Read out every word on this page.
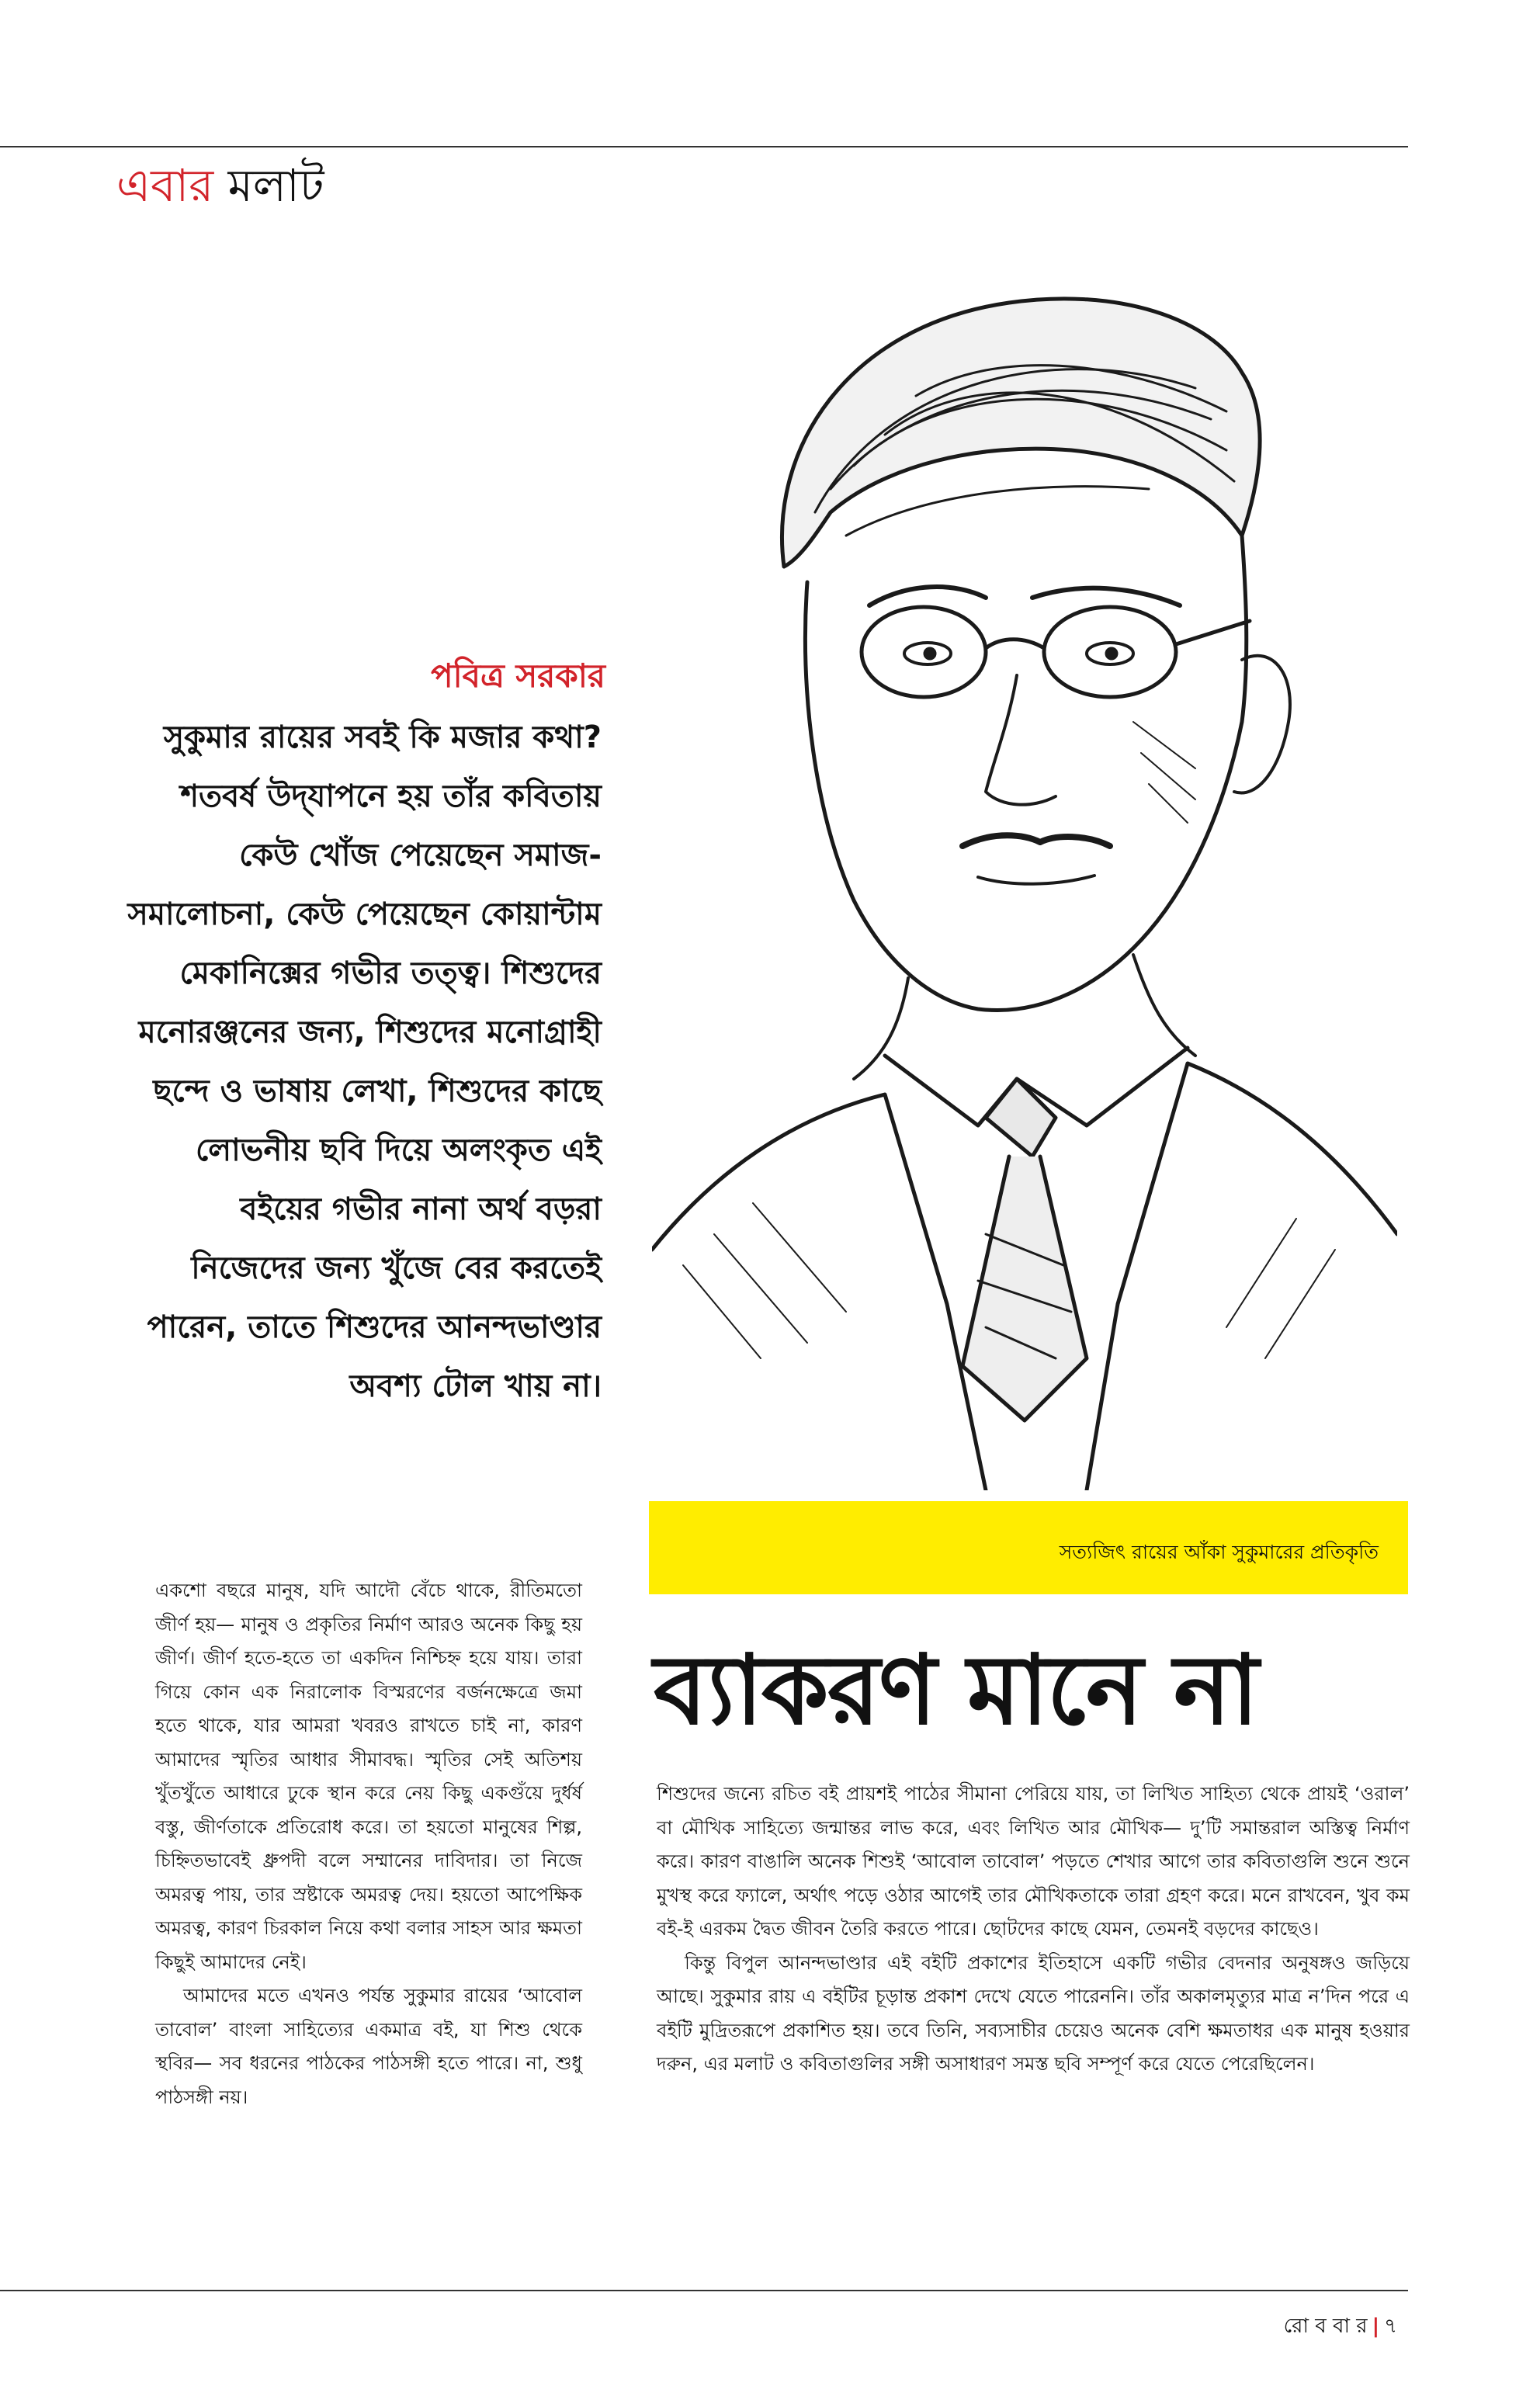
এবার মলাট
পবিত্র সরকার
সুকুমার রায়ের সবই কি মজার কথা? শতবর্ষ উদ্‌যাপনে হয় তাঁর কবিতায় কেউ খোঁজ পেয়েছেন সমাজ-সমালোচনা, কেউ পেয়েছেন কোয়ান্টাম মেকানিক্সের গভীর তত্ত্ব। শিশুদের মনোরঞ্জনের জন্য, শিশুদের মনোগ্রাহী ছন্দে ও ভাষায় লেখা, শিশুদের কাছে লোভনীয় ছবি দিয়ে অলংকৃত এই বইয়ের গভীর নানা অর্থ বড়রা নিজেদের জন্য খুঁজে বের করতেই পারেন, তাতে শিশুদের আনন্দভাণ্ডার অবশ্য টোল খায় না।
সত্যজিৎ রায়ের আঁকা সুকুমারের প্রতিকৃতি
ব্যাকরণ মানে না

একশো বছরে মানুষ, যদি আদৌ বেঁচে থাকে, রীতিমতো জীর্ণ হয়— মানুষ ও প্রকৃতির নির্মাণ আরও অনেক কিছু হয় জীর্ণ। জীর্ণ হতে-হতে তা একদিন নিশ্চিহ্ন হয়ে যায়। তারা গিয়ে কোন এক নিরালোক বিস্মরণের বর্জনক্ষেত্রে জমা হতে থাকে, যার আমরা খবরও রাখতে চাই না, কারণ আমাদের স্মৃতির আধার সীমাবদ্ধ। স্মৃতির সেই অতিশয় খুঁতখুঁতে আধারে ঢুকে স্থান করে নেয় কিছু একগুঁয়ে দুর্ধর্ষ বস্তু, জীর্ণতাকে প্রতিরোধ করে। তা হয়তো মানুষের শিল্প, চিহ্নিতভাবেই ধ্রুপদী বলে সম্মানের দাবিদার। তা নিজে অমরত্ব পায়, তার স্রষ্টাকে অমরত্ব দেয়। হয়তো আপেক্ষিক অমরত্ব, কারণ চিরকাল নিয়ে কথা বলার সাহস আর ক্ষমতা কিছুই আমাদের নেই।

আমাদের মতে এখনও পর্যন্ত সুকুমার রায়ের ‘আবোল তাবোল’ বাংলা সাহিত্যের একমাত্র বই, যা শিশু থেকে স্থবির— সব ধরনের পাঠকের পাঠসঙ্গী হতে পারে। না, শুধু পাঠসঙ্গী নয়।

শিশুদের জন্যে রচিত বই প্রায়শই পাঠের সীমানা পেরিয়ে যায়, তা লিখিত সাহিত্য থেকে প্রায়ই ‘ওরাল’ বা মৌখিক সাহিত্যে জন্মান্তর লাভ করে, এবং লিখিত আর মৌখিক— দু’টি সমান্তরাল অস্তিত্ব নির্মাণ করে। কারণ বাঙালি অনেক শিশুই ‘আবোল তাবোল’ পড়তে শেখার আগে তার কবিতাগুলি শুনে শুনে মুখস্থ করে ফ্যালে, অর্থাৎ পড়ে ওঠার আগেই তার মৌখিকতাকে তারা গ্রহণ করে। মনে রাখবেন, খুব কম বই-ই এরকম দ্বৈত জীবন তৈরি করতে পারে। ছোটদের কাছে যেমন, তেমনই বড়দের কাছেও।

কিন্তু বিপুল আনন্দভাণ্ডার এই বইটি প্রকাশের ইতিহাসে একটি গভীর বেদনার অনুষঙ্গও জড়িয়ে আছে। সুকুমার রায় এ বইটির চূড়ান্ত প্রকাশ দেখে যেতে পারেননি। তাঁর অকালমৃত্যুর মাত্র ন’দিন পরে এ বইটি মুদ্রিতরূপে প্রকাশিত হয়। তবে তিনি, সব্যসাচীর চেয়েও অনেক বেশি ক্ষমতাধর এক মানুষ হওয়ার দরুন, এর মলাট ও কবিতাগুলির সঙ্গী অসাধারণ সমস্ত ছবি সম্পূর্ণ করে যেতে পেরেছিলেন।

রো ব বা র | ৭
